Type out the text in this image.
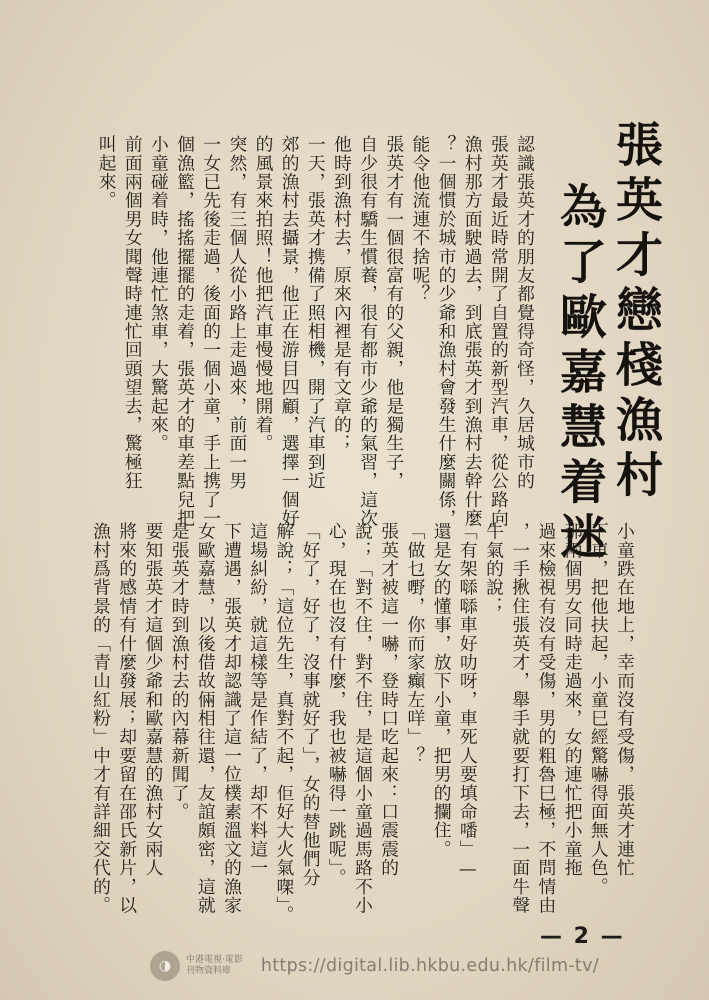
張英才戀棧漁村
為了歐嘉慧着迷

認識張英才的朋友都覺得奇怪，久居城市的

張英才最近時常開了自置的新型汽車，從公路向

漁村那方面駛過去，到底張英才到漁村去幹什麼

？一個慣於城市的少爺和漁村會發生什麼關係，

能令他流連不捨呢？

張英才有一個很富有的父親，他是獨生子，

自少很有驕生慣養，很有都市少爺的氣習，這次

他時到漁村去，原來內裡是有文章的；

一天，張英才携備了照相機，開了汽車到近

郊的漁村去攝景，他正在游目四顧，選擇一個好

的風景來拍照！他把汽車慢慢地開着。

突然，有三個人從小路上走過來，前面一男

一女已先後走過，後面的一個小童，手上携了一

個漁籃，搖搖擺擺的走着，張英才的車差點兒把

小童碰着時，他連忙煞車，大驚起來。

前面兩個男女聞聲時連忙回頭望去，驚極狂

叫起來。

小童跌在地上，幸而沒有受傷，張英才連忙

下車，把他扶起，小童巳經驚嚇得面無人色。

那兩個男女同時走過來，女的連忙把小童拖

過來檢視有沒有受傷，男的粗魯巳極，不問情由

，一手揪住張英才，舉手就要打下去，一面牛聲

牛氣的說；

「有架𠻹𠻹車好叻呀，車死人要填命噃」—

還是女的懂事，放下小童，把男的攔住。

「做乜嘢，你而家癲左咩」？

張英才被這一嚇，登時口吃起來：口震震的

說；「對不住，對不住，是這個小童過馬路不小

心，現在也沒有什麼，我也被嚇得一跳呢」。

「好了，好了，沒事就好了」，女的替他們分

解說；「這位先生，真對不起，佢好大火氣㗎」。

這場糾紛，就這樣等是作結了，却不料這一

下遭遇，張英才却認識了這一位樸素溫文的漁家

女歐嘉慧，以後借故倆相往還，友誼頗密，這就

是張英才時到漁村去的內幕新聞了。

要知張英才這個少爺和歐嘉慧的漁村女兩人

將來的感情有什麼發展；却要留在邵氏新片，以

漁村爲背景的「青山紅粉」中才有詳細交代的。

— 2 —
◑	中港電視·電影
刊物資料庫	https://digital.lib.hkbu.edu.hk/film-tv/
